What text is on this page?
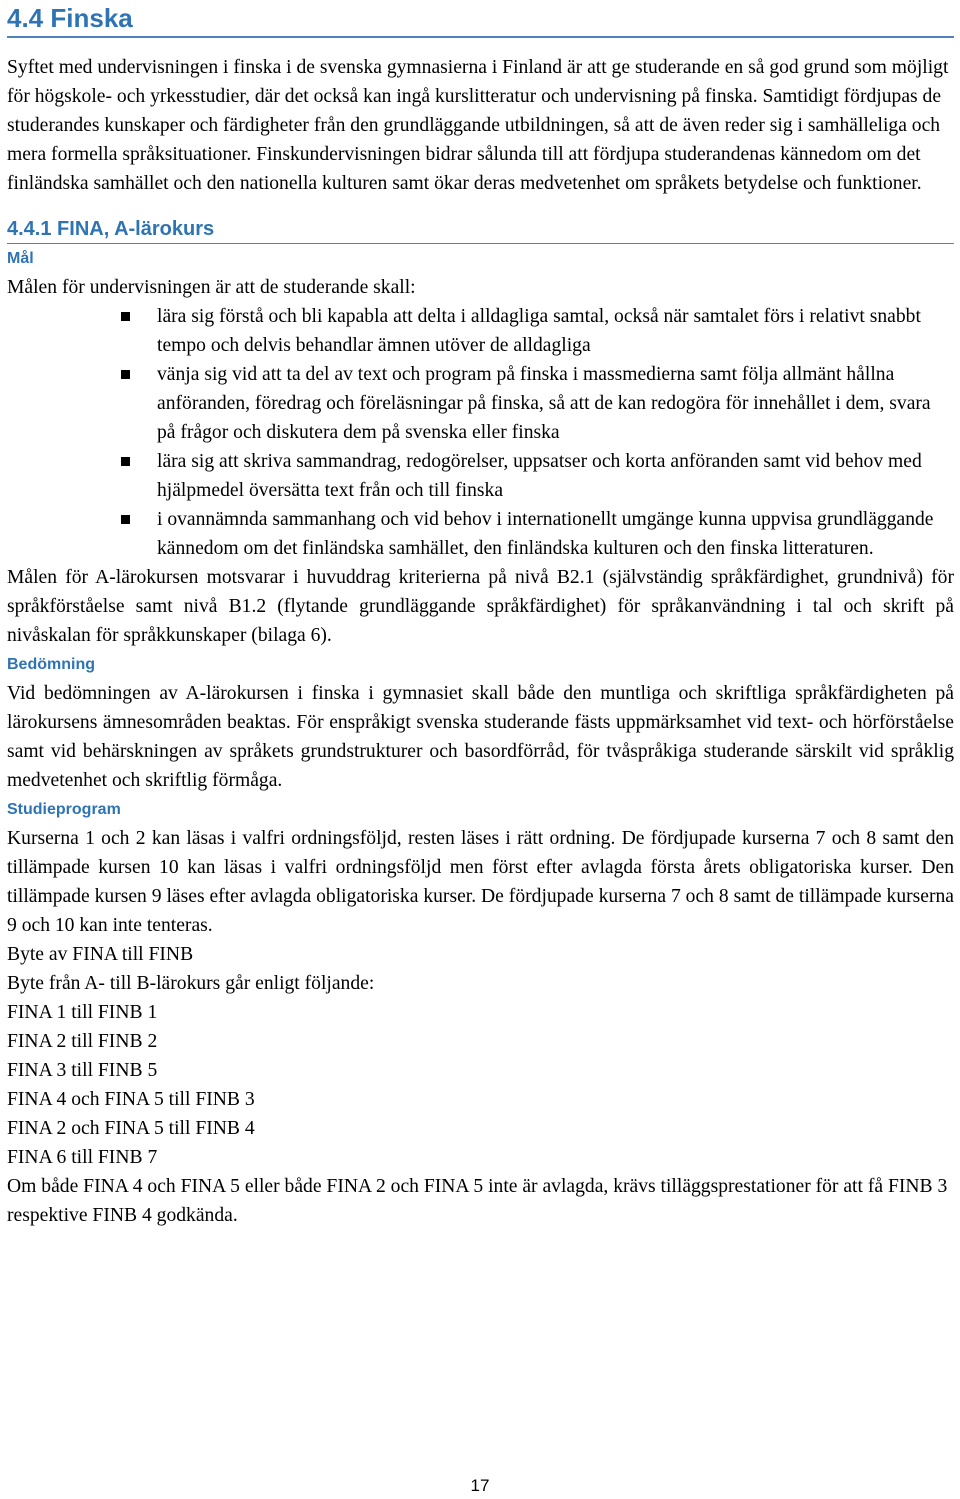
4.4 Finska

Syftet med undervisningen i finska i de svenska gymnasierna i Finland är att ge studerande en så god grund som möjligt för högskole- och yrkesstudier, där det också kan ingå kurslitteratur och undervisning på finska. Samtidigt fördjupas de studerandes kunskaper och färdigheter från den grundläggande utbildningen, så att de även reder sig i samhälleliga och mera formella språksituationer. Finskundervisningen bidrar sålunda till att fördjupa studerandenas kännedom om det finländska samhället och den nationella kulturen samt ökar deras medvetenhet om språkets betydelse och funktioner.

4.4.1 FINA, A-lärokurs
Mål

Målen för undervisningen är att de studerande skall:

lära sig förstå och bli kapabla att delta i alldagliga samtal, också när samtalet förs i relativt snabbt tempo och delvis behandlar ämnen utöver de alldagliga
vänja sig vid att ta del av text och program på finska i massmedierna samt följa allmänt hållna anföranden, föredrag och föreläsningar på finska, så att de kan redogöra för innehållet i dem, svara på frågor och diskutera dem på svenska eller finska
lära sig att skriva sammandrag, redogörelser, uppsatser och korta anföranden samt vid behov med hjälpmedel översätta text från och till finska
i ovannämnda sammanhang och vid behov i internationellt umgänge kunna uppvisa grundläggande kännedom om det finländska samhället, den finländska kulturen och den finska litteraturen.

Målen för A-lärokursen motsvarar i huvuddrag kriterierna på nivå B2.1 (självständig språkfärdighet, grundnivå) för språkförståelse samt nivå B1.2 (flytande grundläggande språkfärdighet) för språkanvändning i tal och skrift på nivåskalan för språkkunskaper (bilaga 6).

Bedömning

Vid bedömningen av A-lärokursen i finska i gymnasiet skall både den muntliga och skriftliga språkfärdigheten på lärokursens ämnesområden beaktas. För enspråkigt svenska studerande fästs uppmärksamhet vid text- och hörförståelse samt vid behärskningen av språkets grundstrukturer och basordförråd, för tvåspråkiga studerande särskilt vid språklig medvetenhet och skriftlig förmåga.

Studieprogram

Kurserna 1 och 2 kan läsas i valfri ordningsföljd, resten läses i rätt ordning. De fördjupade kurserna 7 och 8 samt den tillämpade kursen 10 kan läsas i valfri ordningsföljd men först efter avlagda första årets obligatoriska kurser. Den tillämpade kursen 9 läses efter avlagda obligatoriska kurser. De fördjupade kurserna 7 och 8 samt de tillämpade kurserna 9 och 10 kan inte tenteras.

Byte av FINA till FINB

Byte från A- till B-lärokurs går enligt följande:

FINA 1 till FINB 1

FINA 2 till FINB 2

FINA 3 till FINB 5

FINA 4 och FINA 5 till FINB 3

FINA 2 och FINA 5 till FINB 4

FINA 6 till FINB 7

Om både FINA 4 och FINA 5 eller både FINA 2 och FINA 5 inte är avlagda, krävs tilläggsprestationer för att få FINB 3 respektive FINB 4 godkända.

17
